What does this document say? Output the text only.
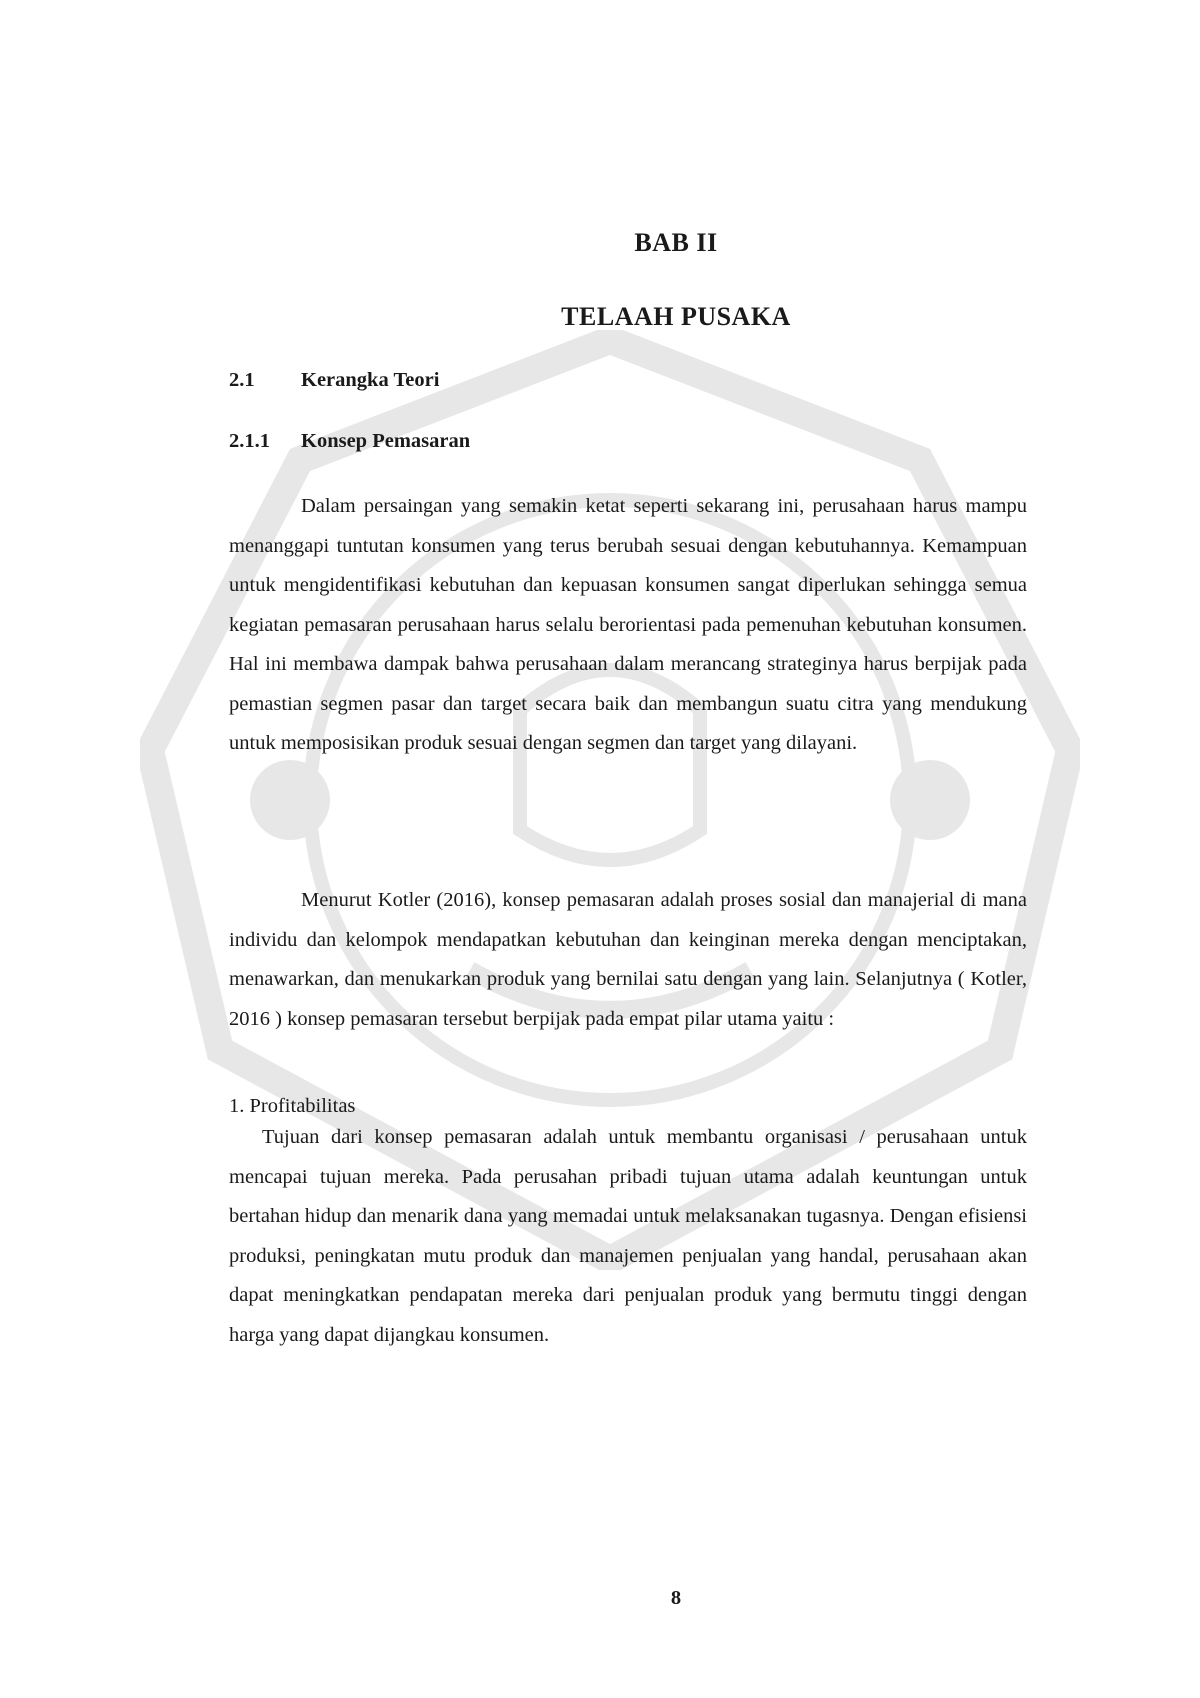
BAB II
TELAAH PUSAKA
2.1	Kerangka Teori
2.1.1	Konsep Pemasaran

Dalam persaingan yang semakin ketat seperti sekarang ini, perusahaan harus mampu menanggapi tuntutan konsumen yang terus berubah sesuai dengan kebutuhannya. Kemampuan untuk mengidentifikasi kebutuhan dan kepuasan konsumen sangat diperlukan sehingga semua kegiatan pemasaran perusahaan harus selalu berorientasi pada pemenuhan kebutuhan konsumen. Hal ini membawa dampak bahwa perusahaan dalam merancang strateginya harus berpijak pada pemastian segmen pasar dan target secara baik dan membangun suatu citra yang mendukung untuk memposisikan produk sesuai dengan segmen dan target yang dilayani.

Menurut Kotler (2016), konsep pemasaran adalah proses sosial dan manajerial di mana individu dan kelompok mendapatkan kebutuhan dan keinginan mereka dengan menciptakan, menawarkan, dan menukarkan produk yang bernilai satu dengan yang lain. Selanjutnya ( Kotler, 2016 ) konsep pemasaran tersebut berpijak pada empat pilar utama yaitu :

1. Profitabilitas

Tujuan dari konsep pemasaran adalah untuk membantu organisasi / perusahaan untuk mencapai tujuan mereka. Pada perusahan pribadi tujuan utama adalah keuntungan untuk bertahan hidup dan menarik dana yang memadai untuk melaksanakan tugasnya. Dengan efisiensi produksi, peningkatan mutu produk dan manajemen penjualan yang handal, perusahaan akan dapat meningkatkan pendapatan mereka dari penjualan produk yang bermutu tinggi dengan harga yang dapat dijangkau konsumen.

8
